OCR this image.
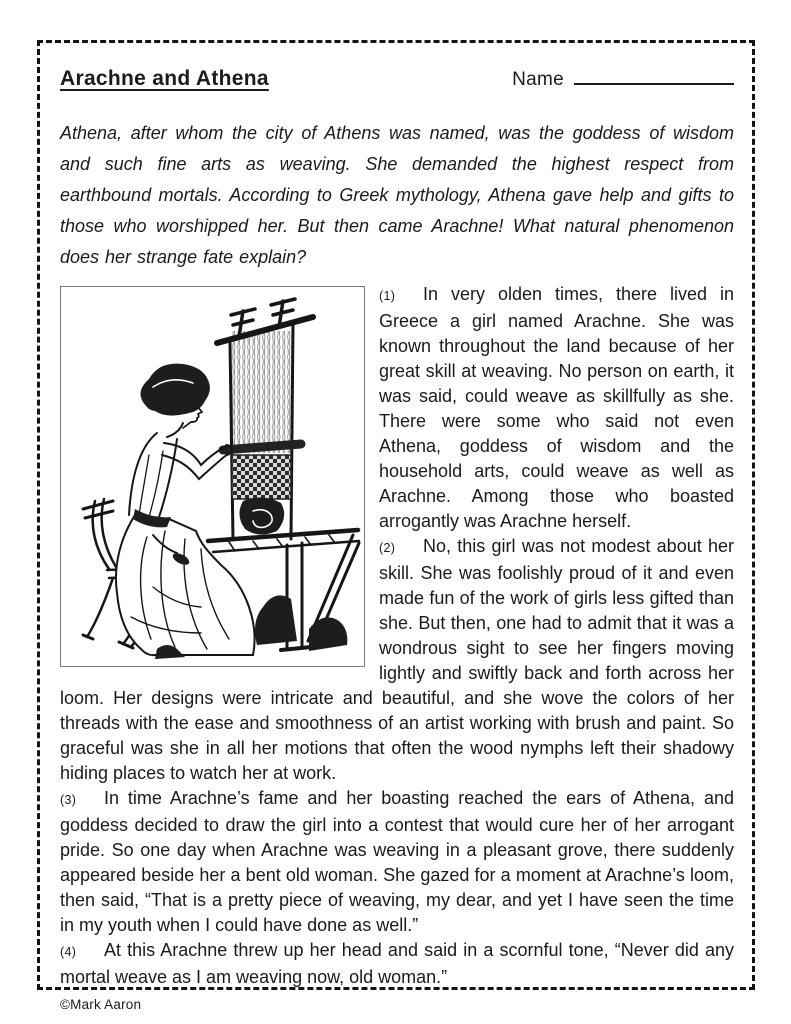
Arachne and Athena	Name
Athena, after whom the city of Athens was named, was the goddess of wisdom and such fine arts as weaving. She demanded the highest respect from earthbound mortals. According to Greek mythology, Athena gave help and gifts to those who worshipped her. But then came Arachne! What natural phenomenon does her strange fate explain?

(1) In very olden times, there lived in Greece a girl named Arachne. She was known throughout the land because of her great skill at weaving. No person on earth, it was said, could weave as skillfully as she. There were some who said not even Athena, goddess of wisdom and the household arts, could weave as well as Arachne. Among those who boasted arrogantly was Arachne herself.

(2) No, this girl was not modest about her skill. She was foolishly proud of it and even made fun of the work of girls less gifted than she. But then, one had to admit that it was a wondrous sight to see her fingers moving lightly and swiftly back and forth across her loom. Her designs were intricate and beautiful, and she wove the colors of her threads with the ease and smoothness of an artist working with brush and paint. So graceful was she in all her motions that often the wood nymphs left their shadowy hiding places to watch her at work.

(3) In time Arachne’s fame and her boasting reached the ears of Athena, and goddess decided to draw the girl into a contest that would cure her of her arrogant pride. So one day when Arachne was weaving in a pleasant grove, there suddenly appeared beside her a bent old woman. She gazed for a moment at Arachne’s loom, then said, “That is a pretty piece of weaving, my dear, and yet I have seen the time in my youth when I could have done as well.”

(4) At this Arachne threw up her head and said in a scornful tone, “Never did any mortal weave as I am weaving now, old woman.”

©Mark Aaron
